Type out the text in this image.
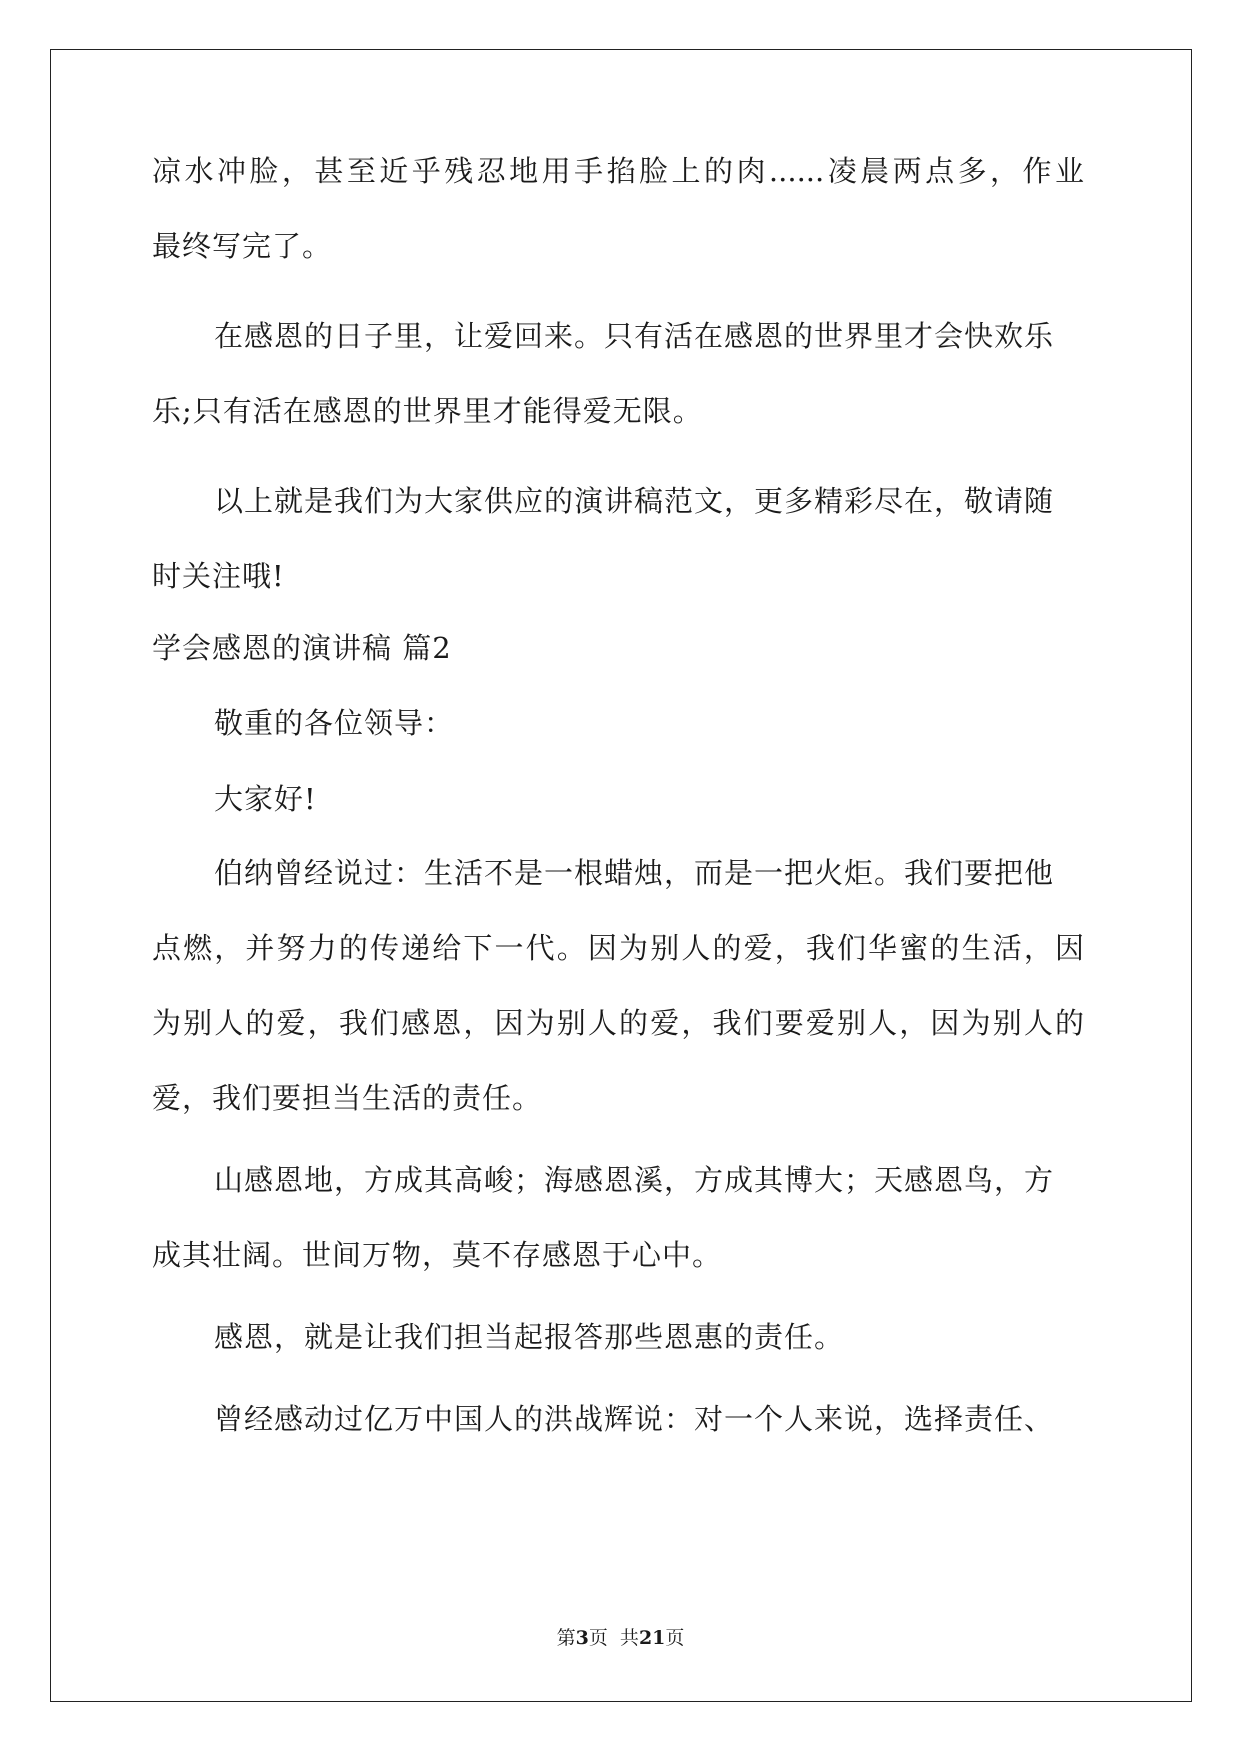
凉水冲脸，甚至近乎残忍地用手掐脸上的肉......凌晨两点多，作业
最终写完了。
在感恩的日子里，让爱回来。只有活在感恩的世界里才会快欢乐
乐;只有活在感恩的世界里才能得爱无限。
以上就是我们为大家供应的演讲稿范文，更多精彩尽在，敬请随
时关注哦!
学会感恩的演讲稿 篇2
敬重的各位领导：
大家好!
伯纳曾经说过：生活不是一根蜡烛，而是一把火炬。我们要把他
点燃，并努力的传递给下一代。因为别人的爱，我们华蜜的生活，因
为别人的爱，我们感恩，因为别人的爱，我们要爱别人，因为别人的
爱，我们要担当生活的责任。
山感恩地，方成其高峻；海感恩溪，方成其博大；天感恩鸟，方
成其壮阔。世间万物，莫不存感恩于心中。
感恩，就是让我们担当起报答那些恩惠的责任。
曾经感动过亿万中国人的洪战辉说：对一个人来说，选择责任、
第3页  共21页
